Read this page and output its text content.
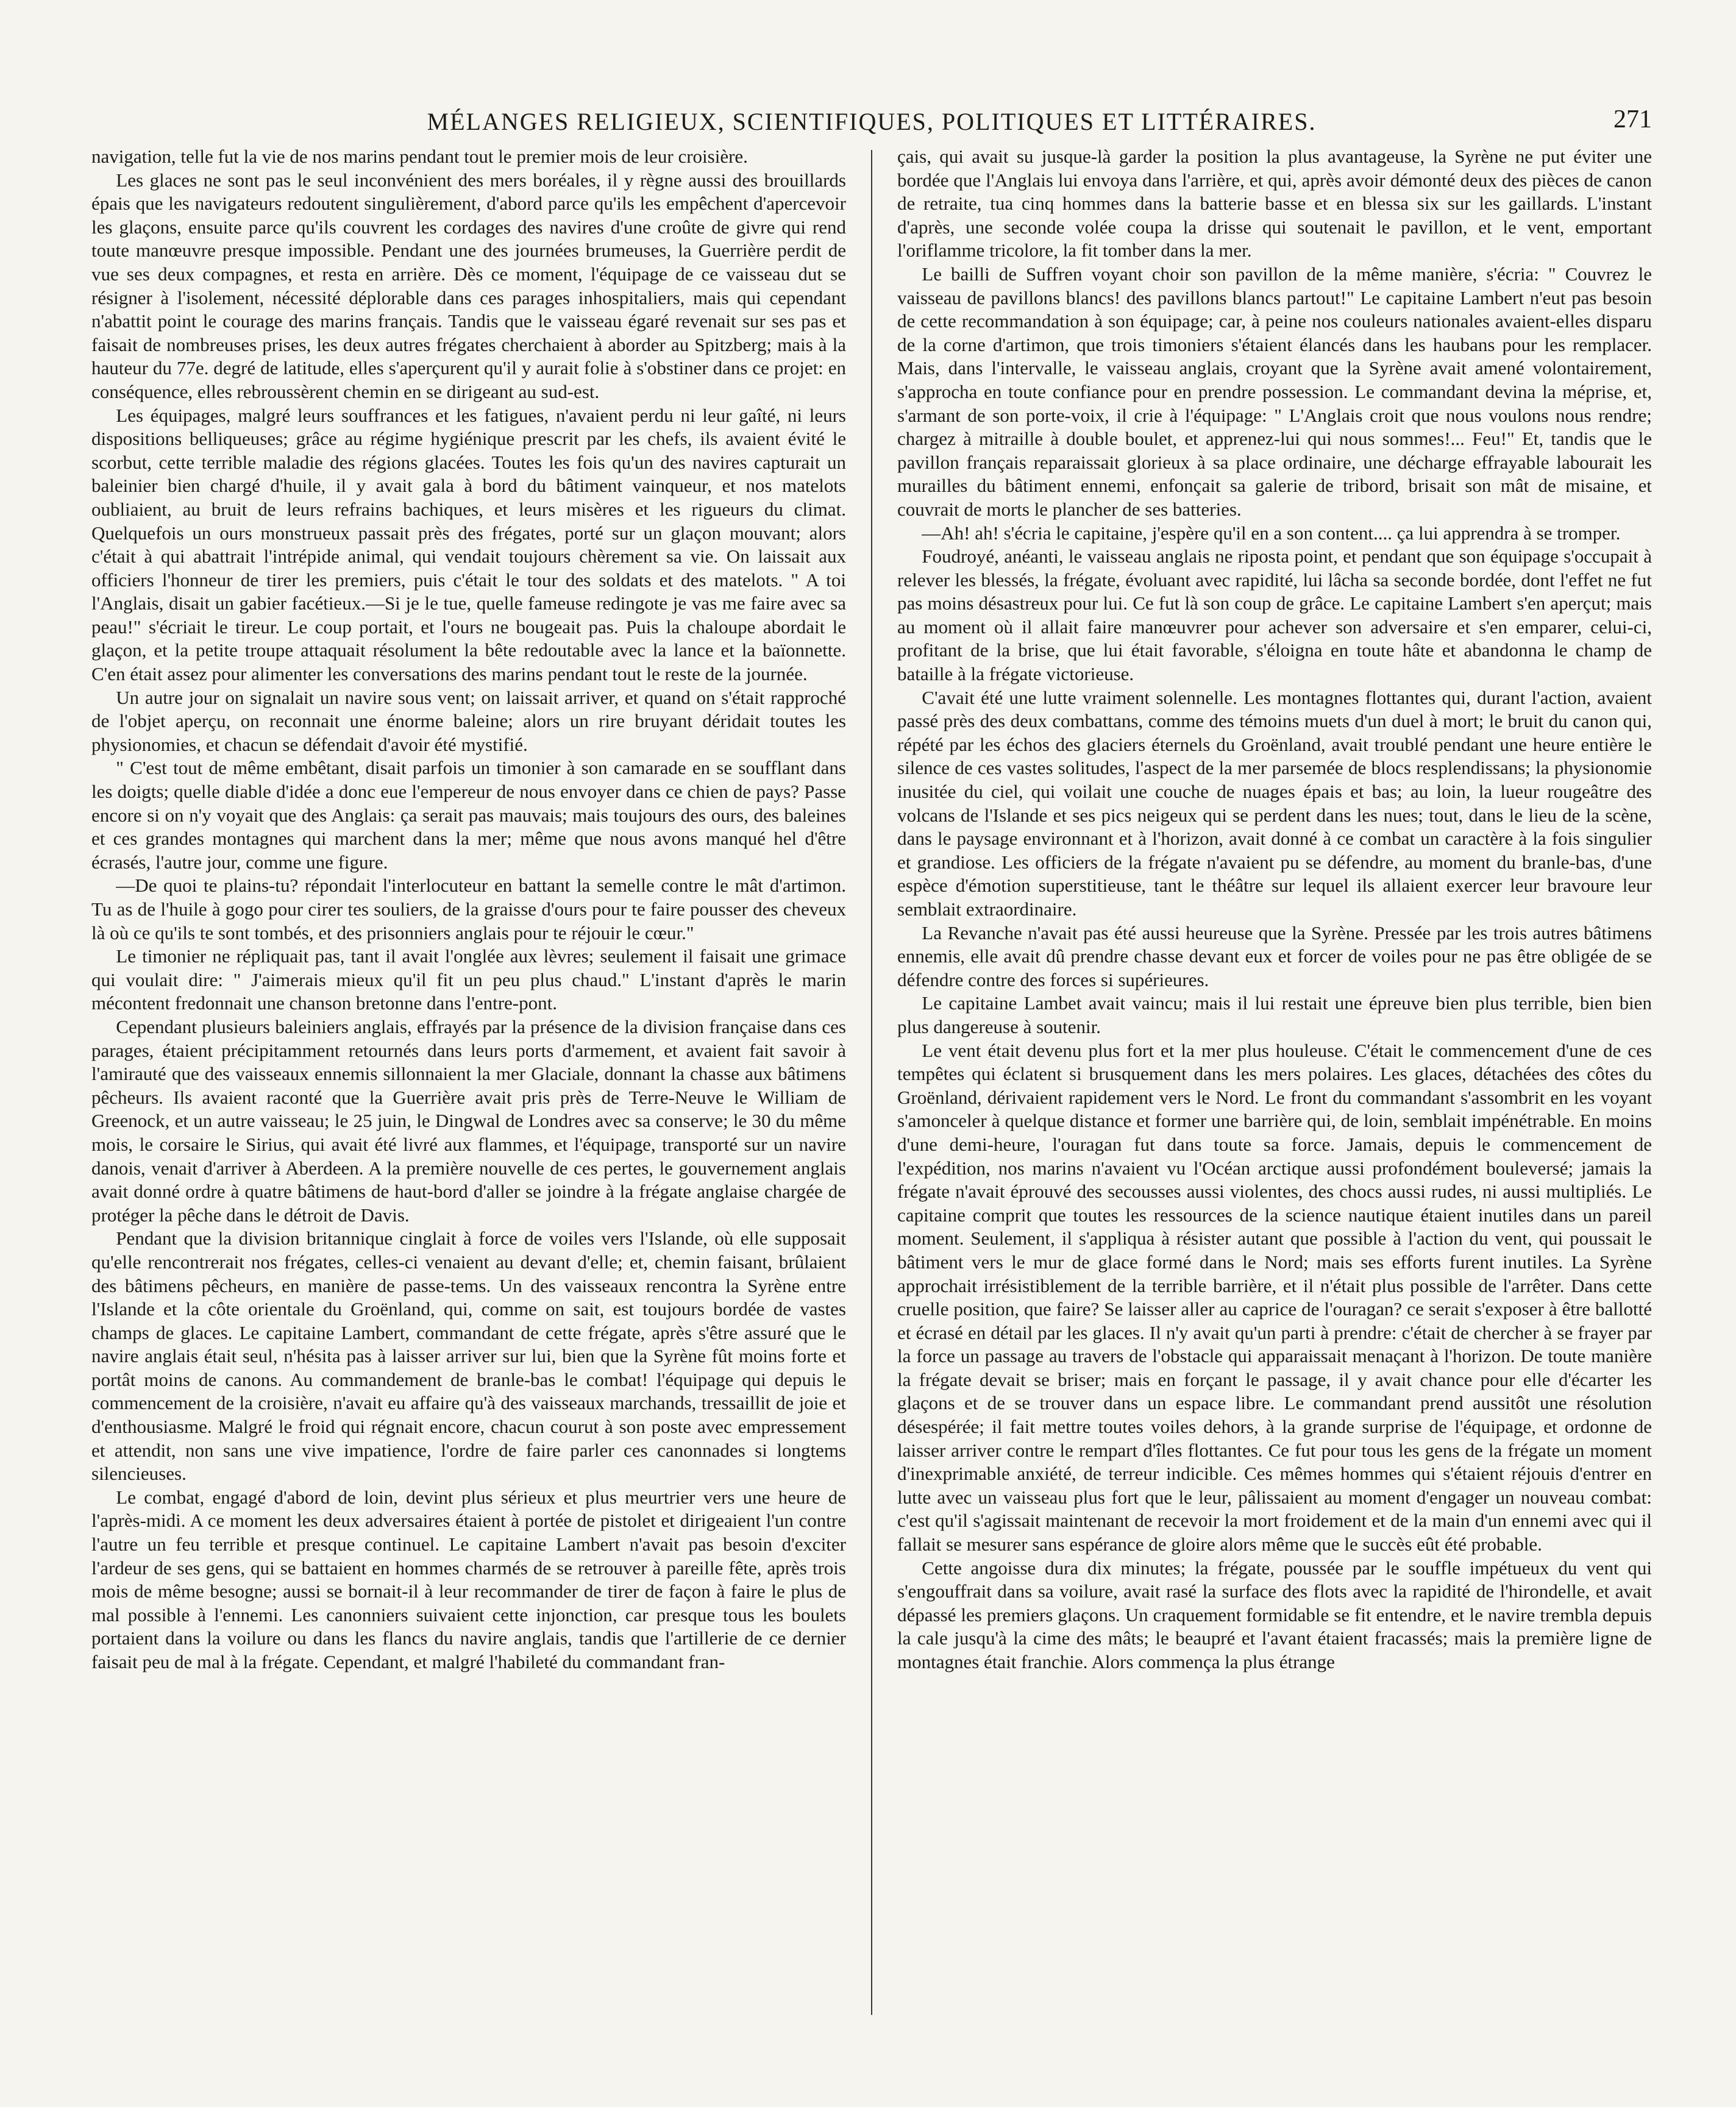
MÉLANGES RELIGIEUX, SCIENTIFIQUES, POLITIQUES ET LITTÉRAIRES.	271

navigation, telle fut la vie de nos marins pendant tout le premier mois de leur croisière.

Les glaces ne sont pas le seul inconvénient des mers boréales, il y règne aussi des brouillards épais que les navigateurs redoutent singulièrement, d'abord parce qu'ils les empêchent d'apercevoir les glaçons, ensuite parce qu'ils couvrent les cordages des navires d'une croûte de givre qui rend toute manœuvre presque impossible. Pendant une des journées brumeuses, la Guerrière perdit de vue ses deux compagnes, et resta en arrière. Dès ce moment, l'équipage de ce vaisseau dut se résigner à l'isolement, nécessité déplorable dans ces parages inhospitaliers, mais qui cependant n'abattit point le courage des marins français. Tandis que le vaisseau égaré revenait sur ses pas et faisait de nombreuses prises, les deux autres frégates cherchaient à aborder au Spitzberg; mais à la hauteur du 77e. degré de latitude, elles s'aperçurent qu'il y aurait folie à s'obstiner dans ce projet: en conséquence, elles rebroussèrent chemin en se dirigeant au sud-est.

Les équipages, malgré leurs souffrances et les fatigues, n'avaient perdu ni leur gaîté, ni leurs dispositions belliqueuses; grâce au régime hygiénique prescrit par les chefs, ils avaient évité le scorbut, cette terrible maladie des régions glacées. Toutes les fois qu'un des navires capturait un baleinier bien chargé d'huile, il y avait gala à bord du bâtiment vainqueur, et nos matelots oubliaient, au bruit de leurs refrains bachiques, et leurs misères et les rigueurs du climat. Quelquefois un ours monstrueux passait près des frégates, porté sur un glaçon mouvant; alors c'était à qui abattrait l'intrépide animal, qui vendait toujours chèrement sa vie. On laissait aux officiers l'honneur de tirer les premiers, puis c'était le tour des soldats et des matelots. " A toi l'Anglais, disait un gabier facétieux.—Si je le tue, quelle fameuse redingote je vas me faire avec sa peau!" s'écriait le tireur. Le coup portait, et l'ours ne bougeait pas. Puis la chaloupe abordait le glaçon, et la petite troupe attaquait résolument la bête redoutable avec la lance et la baïonnette. C'en était assez pour alimenter les conversations des marins pendant tout le reste de la journée.

Un autre jour on signalait un navire sous vent; on laissait arriver, et quand on s'était rapproché de l'objet aperçu, on reconnait une énorme baleine; alors un rire bruyant déridait toutes les physionomies, et chacun se défendait d'avoir été mystifié.

" C'est tout de même embêtant, disait parfois un timonier à son camarade en se soufflant dans les doigts; quelle diable d'idée a donc eue l'empereur de nous envoyer dans ce chien de pays? Passe encore si on n'y voyait que des Anglais: ça serait pas mauvais; mais toujours des ours, des baleines et ces grandes montagnes qui marchent dans la mer; même que nous avons manqué hel d'être écrasés, l'autre jour, comme une figure.

—De quoi te plains-tu? répondait l'interlocuteur en battant la semelle contre le mât d'artimon. Tu as de l'huile à gogo pour cirer tes souliers, de la graisse d'ours pour te faire pousser des cheveux là où ce qu'ils te sont tombés, et des prisonniers anglais pour te réjouir le cœur."

Le timonier ne répliquait pas, tant il avait l'onglée aux lèvres; seulement il faisait une grimace qui voulait dire: " J'aimerais mieux qu'il fit un peu plus chaud." L'instant d'après le marin mécontent fredonnait une chanson bretonne dans l'entre-pont.

Cependant plusieurs baleiniers anglais, effrayés par la présence de la division française dans ces parages, étaient précipitamment retournés dans leurs ports d'armement, et avaient fait savoir à l'amirauté que des vaisseaux ennemis sillonnaient la mer Glaciale, donnant la chasse aux bâtimens pêcheurs. Ils avaient raconté que la Guerrière avait pris près de Terre-Neuve le William de Greenock, et un autre vaisseau; le 25 juin, le Dingwal de Londres avec sa conserve; le 30 du même mois, le corsaire le Sirius, qui avait été livré aux flammes, et l'équipage, transporté sur un navire danois, venait d'arriver à Aberdeen. A la première nouvelle de ces pertes, le gouvernement anglais avait donné ordre à quatre bâtimens de haut-bord d'aller se joindre à la frégate anglaise chargée de protéger la pêche dans le détroit de Davis.

Pendant que la division britannique cinglait à force de voiles vers l'Islande, où elle supposait qu'elle rencontrerait nos frégates, celles-ci venaient au devant d'elle; et, chemin faisant, brûlaient des bâtimens pêcheurs, en manière de passe-tems. Un des vaisseaux rencontra la Syrène entre l'Islande et la côte orientale du Groënland, qui, comme on sait, est toujours bordée de vastes champs de glaces. Le capitaine Lambert, commandant de cette frégate, après s'être assuré que le navire anglais était seul, n'hésita pas à laisser arriver sur lui, bien que la Syrène fût moins forte et portât moins de canons. Au commandement de branle-bas le combat! l'équipage qui depuis le commencement de la croisière, n'avait eu affaire qu'à des vaisseaux marchands, tressaillit de joie et d'enthousiasme. Malgré le froid qui régnait encore, chacun courut à son poste avec empressement et attendit, non sans une vive impatience, l'ordre de faire parler ces canonnades si longtems silencieuses.

Le combat, engagé d'abord de loin, devint plus sérieux et plus meurtrier vers une heure de l'après-midi. A ce moment les deux adversaires étaient à portée de pistolet et dirigeaient l'un contre l'autre un feu terrible et presque continuel. Le capitaine Lambert n'avait pas besoin d'exciter l'ardeur de ses gens, qui se battaient en hommes charmés de se retrouver à pareille fête, après trois mois de même besogne; aussi se bornait-il à leur recommander de tirer de façon à faire le plus de mal possible à l'ennemi. Les canonniers suivaient cette injonction, car presque tous les boulets portaient dans la voilure ou dans les flancs du navire anglais, tandis que l'artillerie de ce dernier faisait peu de mal à la frégate. Cependant, et malgré l'habileté du commandant fran-

çais, qui avait su jusque-là garder la position la plus avantageuse, la Syrène ne put éviter une bordée que l'Anglais lui envoya dans l'arrière, et qui, après avoir démonté deux des pièces de canon de retraite, tua cinq hommes dans la batterie basse et en blessa six sur les gaillards. L'instant d'après, une seconde volée coupa la drisse qui soutenait le pavillon, et le vent, emportant l'oriflamme tricolore, la fit tomber dans la mer.

Le bailli de Suffren voyant choir son pavillon de la même manière, s'écria: " Couvrez le vaisseau de pavillons blancs! des pavillons blancs partout!" Le capitaine Lambert n'eut pas besoin de cette recommandation à son équipage; car, à peine nos couleurs nationales avaient-elles disparu de la corne d'artimon, que trois timoniers s'étaient élancés dans les haubans pour les remplacer. Mais, dans l'intervalle, le vaisseau anglais, croyant que la Syrène avait amené volontairement, s'approcha en toute confiance pour en prendre possession. Le commandant devina la méprise, et, s'armant de son porte-voix, il crie à l'équipage: " L'Anglais croit que nous voulons nous rendre; chargez à mitraille à double boulet, et apprenez-lui qui nous sommes!... Feu!" Et, tandis que le pavillon français reparaissait glorieux à sa place ordinaire, une décharge effrayable labourait les murailles du bâtiment ennemi, enfonçait sa galerie de tribord, brisait son mât de misaine, et couvrait de morts le plancher de ses batteries.

—Ah! ah! s'écria le capitaine, j'espère qu'il en a son content.... ça lui apprendra à se tromper.

Foudroyé, anéanti, le vaisseau anglais ne riposta point, et pendant que son équipage s'occupait à relever les blessés, la frégate, évoluant avec rapidité, lui lâcha sa seconde bordée, dont l'effet ne fut pas moins désastreux pour lui. Ce fut là son coup de grâce. Le capitaine Lambert s'en aperçut; mais au moment où il allait faire manœuvrer pour achever son adversaire et s'en emparer, celui-ci, profitant de la brise, que lui était favorable, s'éloigna en toute hâte et abandonna le champ de bataille à la frégate victorieuse.

C'avait été une lutte vraiment solennelle. Les montagnes flottantes qui, durant l'action, avaient passé près des deux combattans, comme des témoins muets d'un duel à mort; le bruit du canon qui, répété par les échos des glaciers éternels du Groënland, avait troublé pendant une heure entière le silence de ces vastes solitudes, l'aspect de la mer parsemée de blocs resplendissans; la physionomie inusitée du ciel, qui voilait une couche de nuages épais et bas; au loin, la lueur rougeâtre des volcans de l'Islande et ses pics neigeux qui se perdent dans les nues; tout, dans le lieu de la scène, dans le paysage environnant et à l'horizon, avait donné à ce combat un caractère à la fois singulier et grandiose. Les officiers de la frégate n'avaient pu se défendre, au moment du branle-bas, d'une espèce d'émotion superstitieuse, tant le théâtre sur lequel ils allaient exercer leur bravoure leur semblait extraordinaire.

La Revanche n'avait pas été aussi heureuse que la Syrène. Pressée par les trois autres bâtimens ennemis, elle avait dû prendre chasse devant eux et forcer de voiles pour ne pas être obligée de se défendre contre des forces si supérieures.

Le capitaine Lambet avait vaincu; mais il lui restait une épreuve bien plus terrible, bien bien plus dangereuse à soutenir.

Le vent était devenu plus fort et la mer plus houleuse. C'était le commencement d'une de ces tempêtes qui éclatent si brusquement dans les mers polaires. Les glaces, détachées des côtes du Groënland, dérivaient rapidement vers le Nord. Le front du commandant s'assombrit en les voyant s'amonceler à quelque distance et former une barrière qui, de loin, semblait impénétrable. En moins d'une demi-heure, l'ouragan fut dans toute sa force. Jamais, depuis le commencement de l'expédition, nos marins n'avaient vu l'Océan arctique aussi profondément bouleversé; jamais la frégate n'avait éprouvé des secousses aussi violentes, des chocs aussi rudes, ni aussi multipliés. Le capitaine comprit que toutes les ressources de la science nautique étaient inutiles dans un pareil moment. Seulement, il s'appliqua à résister autant que possible à l'action du vent, qui poussait le bâtiment vers le mur de glace formé dans le Nord; mais ses efforts furent inutiles. La Syrène approchait irrésistiblement de la terrible barrière, et il n'était plus possible de l'arrêter. Dans cette cruelle position, que faire? Se laisser aller au caprice de l'ouragan? ce serait s'exposer à être ballotté et écrasé en détail par les glaces. Il n'y avait qu'un parti à prendre: c'était de chercher à se frayer par la force un passage au travers de l'obstacle qui apparaissait menaçant à l'horizon. De toute manière la frégate devait se briser; mais en forçant le passage, il y avait chance pour elle d'écarter les glaçons et de se trouver dans un espace libre. Le commandant prend aussitôt une résolution désespérée; il fait mettre toutes voiles dehors, à la grande surprise de l'équipage, et ordonne de laisser arriver contre le rempart d'îles flottantes. Ce fut pour tous les gens de la frégate un moment d'inexprimable anxiété, de terreur indicible. Ces mêmes hommes qui s'étaient réjouis d'entrer en lutte avec un vaisseau plus fort que le leur, pâlissaient au moment d'engager un nouveau combat: c'est qu'il s'agissait maintenant de recevoir la mort froidement et de la main d'un ennemi avec qui il fallait se mesurer sans espérance de gloire alors même que le succès eût été probable.

Cette angoisse dura dix minutes; la frégate, poussée par le souffle impétueux du vent qui s'engouffrait dans sa voilure, avait rasé la surface des flots avec la rapidité de l'hirondelle, et avait dépassé les premiers glaçons. Un craquement formidable se fit entendre, et le navire trembla depuis la cale jusqu'à la cime des mâts; le beaupré et l'avant étaient fracassés; mais la première ligne de montagnes était franchie. Alors commença la plus étrange
